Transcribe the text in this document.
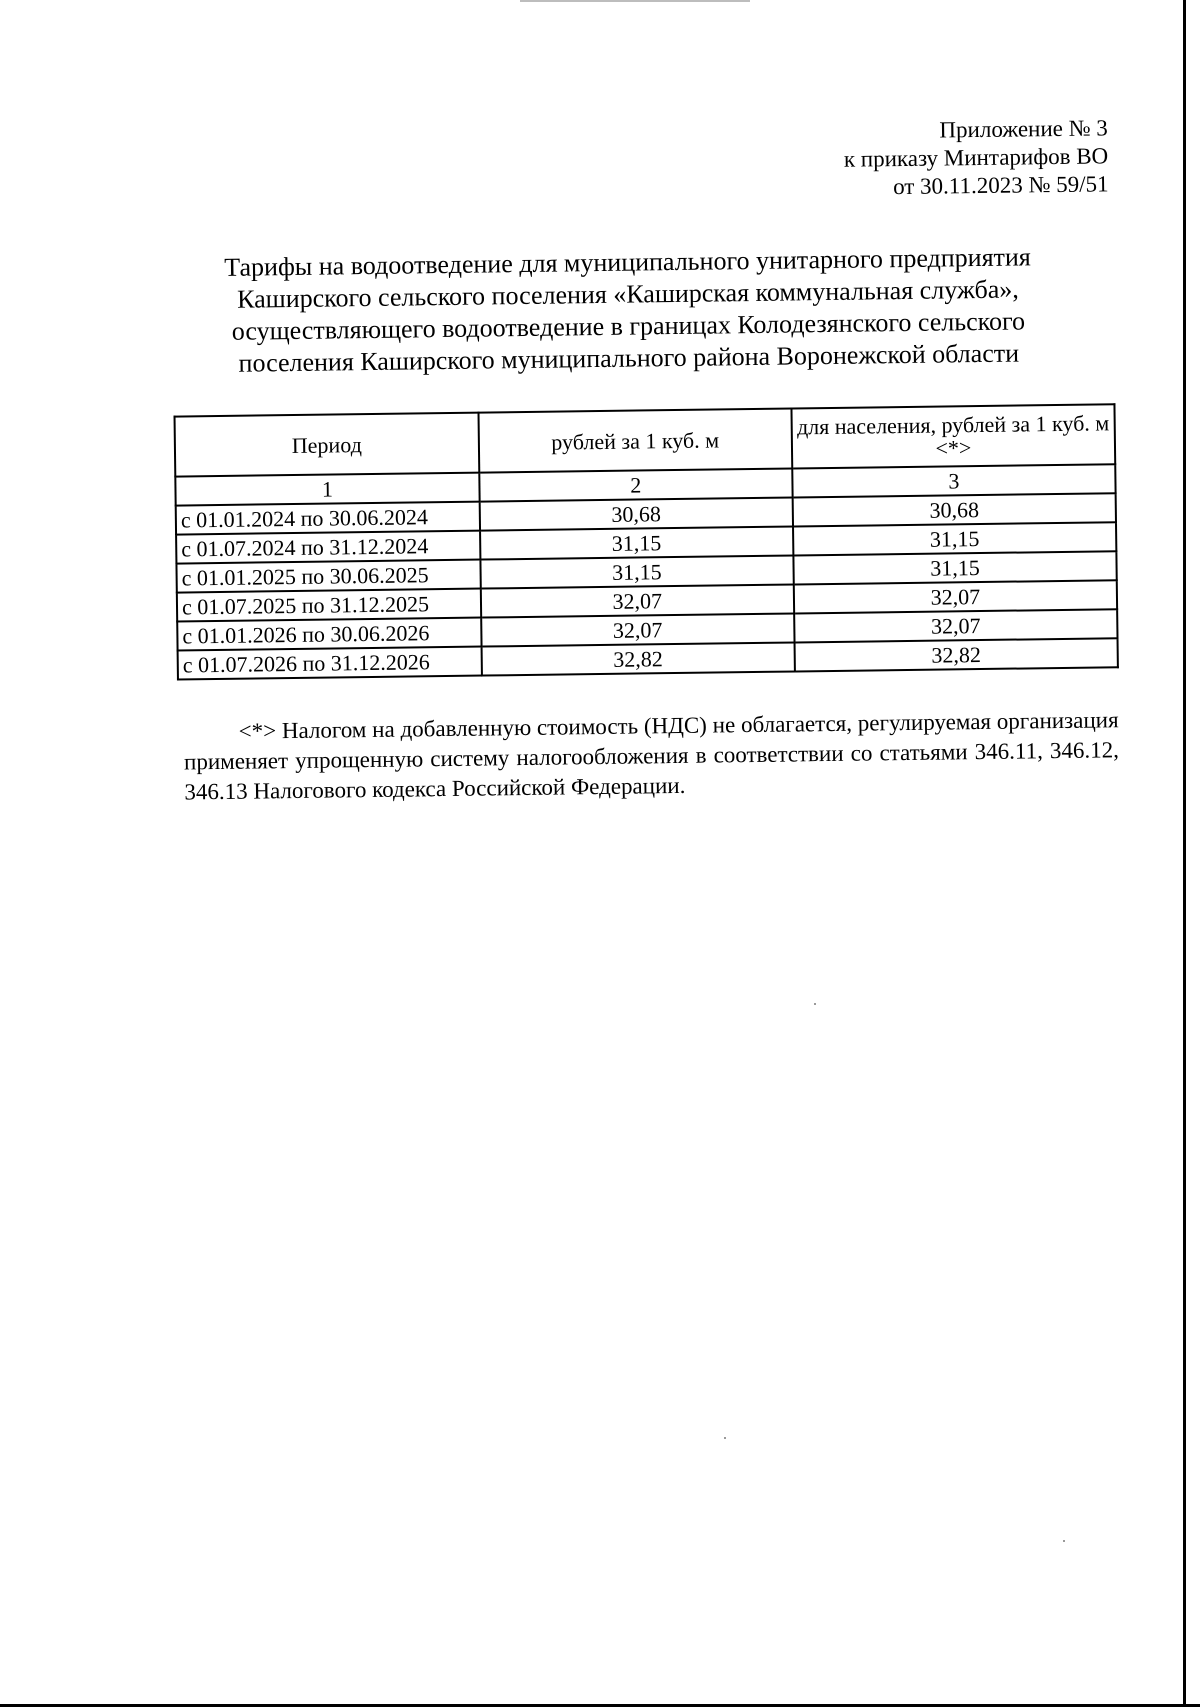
Приложение № 3
к приказу Минтарифов ВО
от 30.11.2023 № 59/51
Тарифы на водоотведение для муниципального унитарного предприятия
Каширского сельского поселения «Каширская коммунальная служба»,
осуществляющего водоотведение в границах Колодезянского сельского
поселения Каширского муниципального района Воронежской области
Период	рублей за 1 куб. м	для населения, рублей за 1 куб. м <*>
1	2	3
с 01.01.2024 по 30.06.2024	30,68	30,68
с 01.07.2024 по 31.12.2024	31,15	31,15
с 01.01.2025 по 30.06.2025	31,15	31,15
с 01.07.2025 по 31.12.2025	32,07	32,07
с 01.01.2026 по 30.06.2026	32,07	32,07
с 01.07.2026 по 31.12.2026	32,82	32,82

<*> Налогом на добавленную стоимость (НДС) не облагается, регулируемая организация применяет упрощенную систему налогообложения в соответствии со статьями 346.11, 346.12, 346.13 Налогового кодекса Российской Федерации.
